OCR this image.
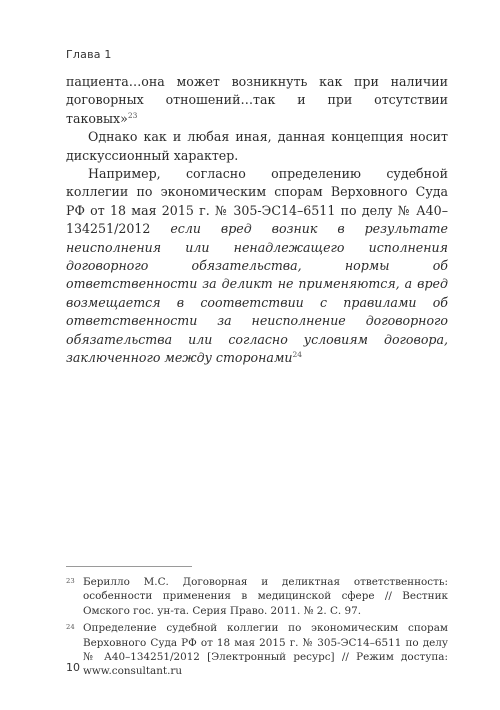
Глава 1

пациента…она может возникнуть как при наличии договорных отношений…так и при отсутствии таковых»$^{23}$

Однако как и любая иная, данная концепция носит дискуссионный характер.

Например, согласно определению судебной коллегии по экономическим спорам Верховного Суда РФ от 18 мая 2015 г. № 305-ЭС14–6511 по делу № А40–134251/2012 если вред возник в результате неисполнения или ненадлежащего исполнения договорного обязательства, нормы об ответственности за деликт не применяются, а вред возмещается в соответствии с правилами об ответственности за неисполнение договорного обязательства или согласно условиям договора, заключенного между сторонами$^{24}$

23 Берилло М.С. Договорная и деликтная ответственность: особенности применения в медицинской сфере // Вестник Омского гос. ун-та. Серия Право. 2011. № 2. С. 97.
24 Определение судебной коллегии по экономическим спорам Верховного Суда РФ от 18 мая 2015 г. № 305-ЭС14–6511 по делу № А40–134251/2012 [Электронный ресурс] // Режим доступа: www.consultant.ru
10
